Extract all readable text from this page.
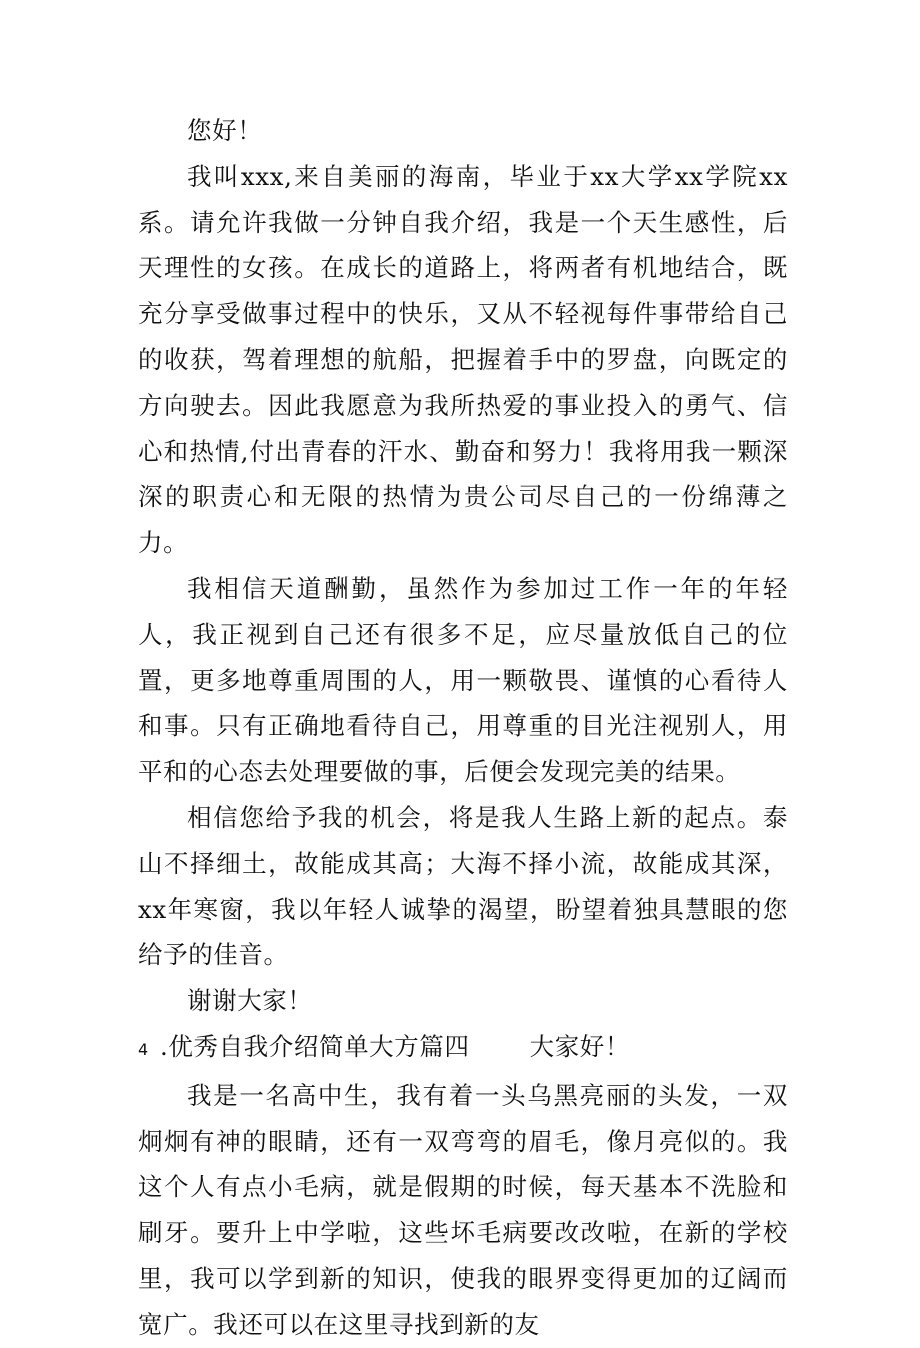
您好！

我叫xxx,来自美丽的海南，毕业于xx大学xx学院xx系。请允许我做一分钟自我介绍，我是一个天生感性，后天理性的女孩。在成长的道路上，将两者有机地结合，既充分享受做事过程中的快乐，又从不轻视每件事带给自己的收获，驾着理想的航船，把握着手中的罗盘，向既定的方向驶去。因此我愿意为我所热爱的事业投入的勇气、信心和热情,付出青春的汗水、勤奋和努力！我将用我一颗深深的职责心和无限的热情为贵公司尽自己的一份绵薄之力。

我相信天道酬勤，虽然作为参加过工作一年的年轻人，我正视到自己还有很多不足，应尽量放低自己的位置，更多地尊重周围的人，用一颗敬畏、谨慎的心看待人和事。只有正确地看待自己，用尊重的目光注视别人，用平和的心态去处理要做的事，后便会发现完美的结果。

相信您给予我的机会，将是我人生路上新的起点。泰山不择细土，故能成其高；大海不择小流，故能成其深，xx年寒窗，我以年轻人诚挚的渴望，盼望着独具慧眼的您给予的佳音。

谢谢大家！

4 .优秀自我介绍简单大方篇四 大家好！

我是一名高中生，我有着一头乌黑亮丽的头发，一双炯炯有神的眼睛，还有一双弯弯的眉毛，像月亮似的。我这个人有点小毛病，就是假期的时候，每天基本不洗脸和刷牙。要升上中学啦，这些坏毛病要改改啦，在新的学校里，我可以学到新的知识，使我的眼界变得更加的辽阔而宽广。我还可以在这里寻找到新的友
